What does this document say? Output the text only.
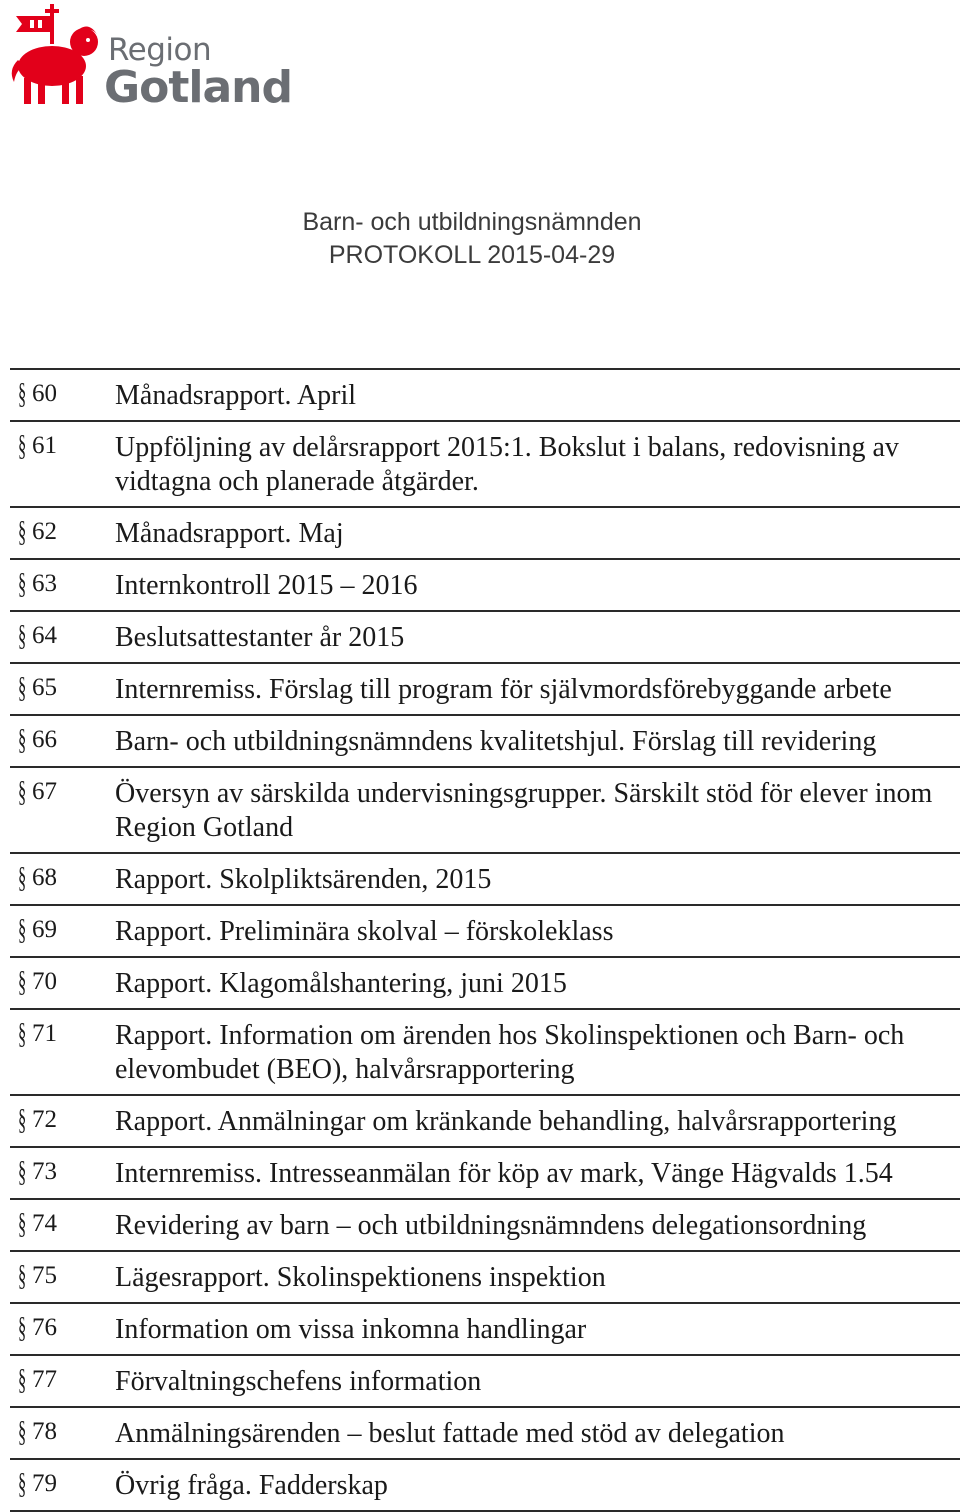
Region
Gotland
Barn- och utbildningsnämnden
PROTOKOLL 2015-04-29
§ 60	Månadsrapport. April
§ 61	Uppföljning av delårsrapport 2015:1. Bokslut i balans, redovisning av vidtagna och planerade åtgärder.
§ 62	Månadsrapport. Maj
§ 63	Internkontroll 2015 – 2016
§ 64	Beslutsattestanter år 2015
§ 65	Internremiss. Förslag till program för självmordsförebyggande arbete
§ 66	Barn- och utbildningsnämndens kvalitetshjul. Förslag till revidering
§ 67	Översyn av särskilda undervisningsgrupper. Särskilt stöd för elever inom Region Gotland
§ 68	Rapport. Skolpliktsärenden, 2015
§ 69	Rapport. Preliminära skolval – förskoleklass
§ 70	Rapport. Klagomålshantering, juni 2015
§ 71	Rapport. Information om ärenden hos Skolinspektionen och Barn- och elevombudet (BEO), halvårsrapportering
§ 72	Rapport. Anmälningar om kränkande behandling, halvårsrapportering
§ 73	Internremiss. Intresseanmälan för köp av mark, Vänge Hägvalds 1.54
§ 74	Revidering av barn – och utbildningsnämndens delegationsordning
§ 75	Lägesrapport. Skolinspektionens inspektion
§ 76	Information om vissa inkomna handlingar
§ 77	Förvaltningschefens information
§ 78	Anmälningsärenden – beslut fattade med stöd av delegation
§ 79	Övrig fråga. Fadderskap
